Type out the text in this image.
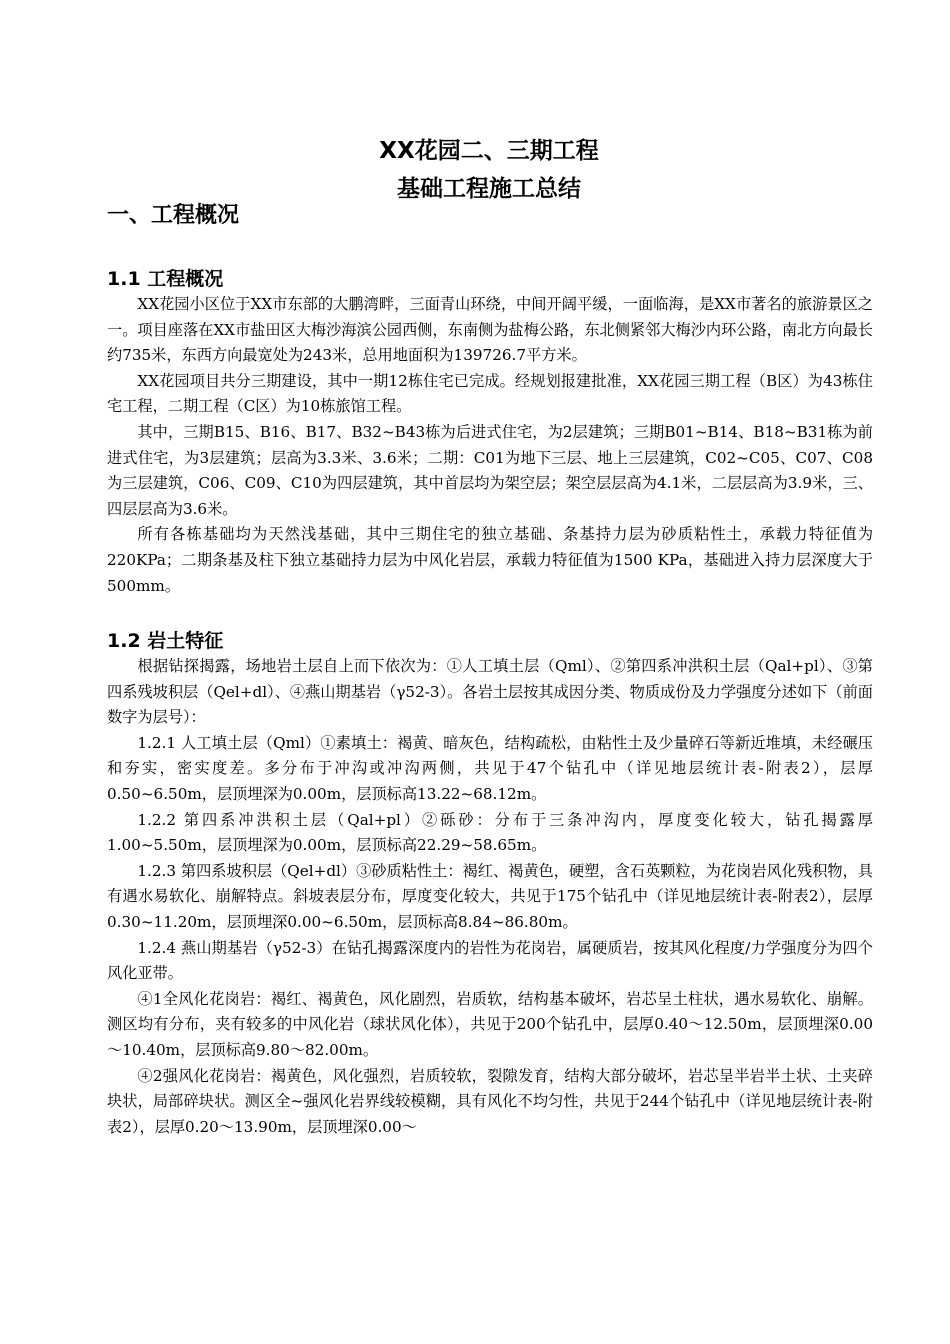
XX花园二、三期工程
基础工程施工总结
一、工程概况
1.1 工程概况

XX花园小区位于XX市东部的大鹏湾畔，三面青山环绕，中间开阔平缓，一面临海，是XX市著名的旅游景区之一。项目座落在XX市盐田区大梅沙海滨公园西侧，东南侧为盐梅公路，东北侧紧邻大梅沙内环公路，南北方向最长约735米，东西方向最宽处为243米，总用地面积为139726.7平方米。

XX花园项目共分三期建设，其中一期12栋住宅已完成。经规划报建批准，XX花园三期工程（B区）为43栋住宅工程，二期工程（C区）为10栋旅馆工程。

其中，三期B15、B16、B17、B32~B43栋为后进式住宅，为2层建筑；三期B01~B14、B18~B31栋为前进式住宅，为3层建筑；层高为3.3米、3.6米；二期：C01为地下三层、地上三层建筑，C02~C05、C07、C08为三层建筑，C06、C09、C10为四层建筑，其中首层均为架空层；架空层层高为4.1米，二层层高为3.9米，三、四层层高为3.6米。

所有各栋基础均为天然浅基础，其中三期住宅的独立基础、条基持力层为砂质粘性土，承载力特征值为220KPa；二期条基及柱下独立基础持力层为中风化岩层，承载力特征值为1500 KPa，基础进入持力层深度大于500mm。

1.2 岩土特征

根据钻探揭露，场地岩土层自上而下依次为：①人工填土层（Qml）、②第四系冲洪积土层（Qal+pl）、③第四系残坡积层（Qel+dl）、④燕山期基岩（γ52-3）。各岩土层按其成因分类、物质成份及力学强度分述如下（前面数字为层号）：

1.2.1 人工填土层（Qml）①素填土：褐黄、暗灰色，结构疏松，由粘性土及少量碎石等新近堆填，未经碾压和夯实，密实度差。多分布于冲沟或冲沟两侧，共见于47个钻孔中（详见地层统计表-附表2），层厚0.50~6.50m，层顶埋深为0.00m，层顶标高13.22~68.12m。

1.2.2 第四系冲洪积土层（Qal+pl）②砾砂：分布于三条冲沟内，厚度变化较大，钻孔揭露厚1.00~5.50m，层顶埋深为0.00m，层顶标高22.29~58.65m。

1.2.3 第四系坡积层（Qel+dl）③砂质粘性土：褐红、褐黄色，硬塑，含石英颗粒，为花岗岩风化残积物，具有遇水易软化、崩解特点。斜坡表层分布，厚度变化较大，共见于175个钻孔中（详见地层统计表-附表2），层厚0.30~11.20m，层顶埋深0.00~6.50m，层顶标高8.84~86.80m。

1.2.4 燕山期基岩（γ52-3）在钻孔揭露深度内的岩性为花岗岩，属硬质岩，按其风化程度/力学强度分为四个风化亚带。

④1全风化花岗岩：褐红、褐黄色，风化剧烈，岩质软，结构基本破坏，岩芯呈土柱状，遇水易软化、崩解。测区均有分布，夹有较多的中风化岩（球状风化体），共见于200个钻孔中，层厚0.40～12.50m，层顶埋深0.00～10.40m，层顶标高9.80～82.00m。

④2强风化花岗岩：褐黄色，风化强烈，岩质较软，裂隙发育，结构大部分破坏，岩芯呈半岩半土状、土夹碎块状，局部碎块状。测区全~强风化岩界线较模糊，具有风化不均匀性，共见于244个钻孔中（详见地层统计表-附表2），层厚0.20～13.90m，层顶埋深0.00～
